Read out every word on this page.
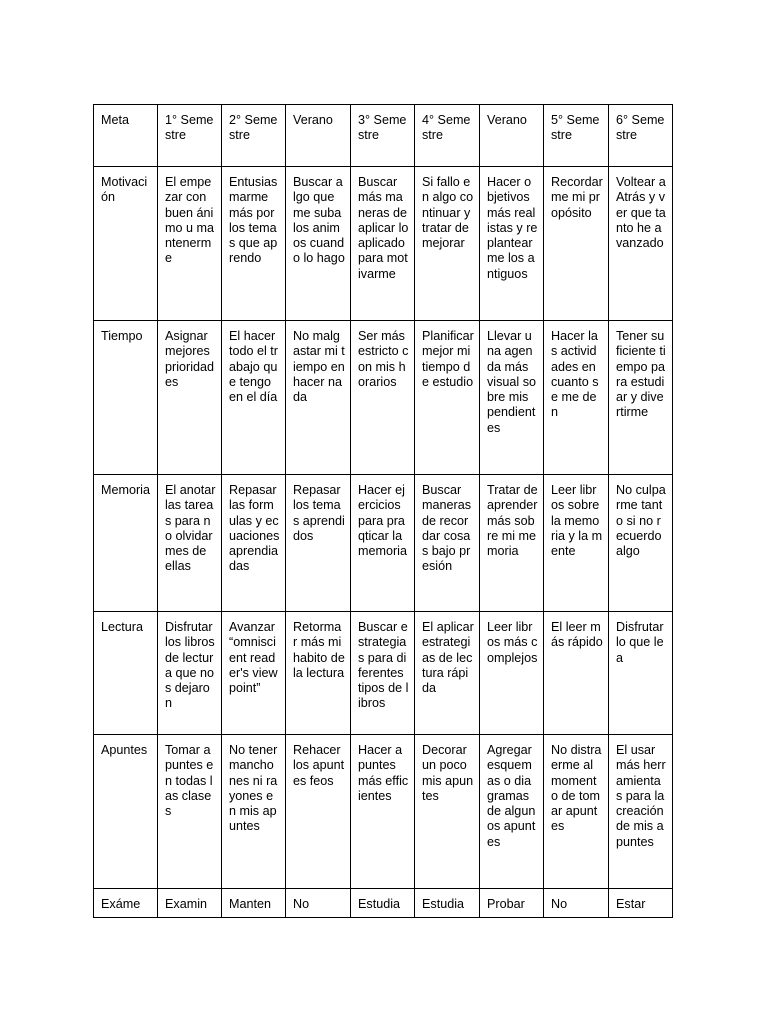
Meta	1° Semestre	2° Semestre	Verano	3° Semestre	4° Semestre	Verano	5° Semestre	6° Semestre

Motivación	El empezar con buen ánimo u mantenerme	Entusiasmarme más por los temas que aprendo	Buscar algo que me suba los animos cuando lo hago	Buscar más maneras de aplicar lo aplicado para motivarme	Si fallo en algo continuar y tratar de mejorar	Hacer objetivos más realistas y replantearme los antiguos	Recordarme mi propósito	Voltear a Atrás y ver que tanto he avanzado

Tiempo	Asignar mejores prioridades	El hacer todo el trabajo que tengo en el día	No malgastar mi tiempo en hacer nada	Ser más estricto con mis horarios	Planificar mejor mi tiempo de estudio	Llevar una agenda más visual sobre mis pendientes	Hacer las actividades en cuanto se me den	Tener suficiente tiempo para estudiar y divertirme

Memoria	El anotar las tareas para no olvidarmes de ellas	Repasar las formulas y ecuaciones aprendiadas	Repasar los temas aprendidos	Hacer ejercicios para praqticar la memoria	Buscar maneras de recordar cosas bajo presión	Tratar de aprender más sobre mi memoria	Leer libros sobre la memoria y la mente	No culparme tanto si no recuerdo algo

Lectura	Disfrutar los libros de lectura que nos dejaron	Avanzar “omniscient reader's viewpoint”	Retormar más mi habito de la lectura	Buscar estrategias para diferentes tipos de libros	El aplicar estrategias de lectura rápida	Leer libros más complejos	El leer más rápido	Disfrutar lo que lea

Apuntes	Tomar apuntes en todas las clases	No tener manchones ni rayones en mis apuntes	Rehacer los apuntes feos	Hacer apuntes más efficientes	Decorar un poco mis apuntes	Agregar esquemas o diagramas de algunos apuntes	No distraerme al momento de tomar apuntes	El usar más herramientas para la creación de mis apuntes

Exáme	Examin	Manten	No	Estudia	Estudia	Probar	No	Estar
